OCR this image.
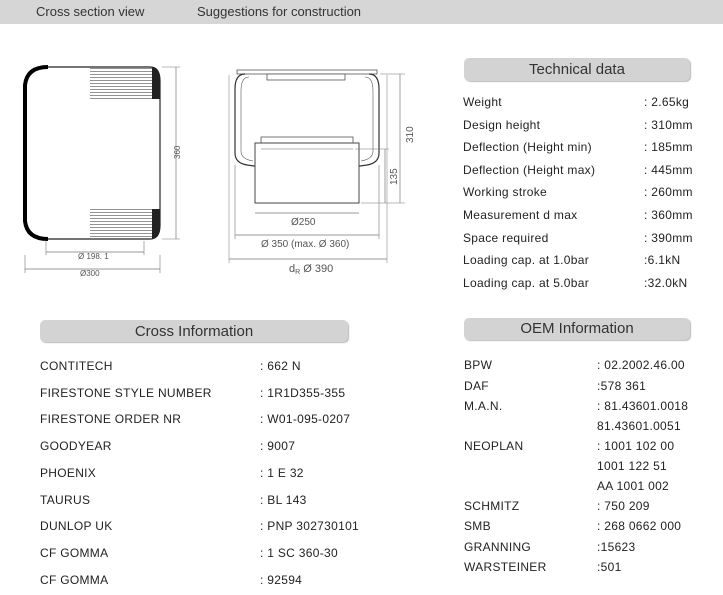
Cross section view	Suggestions for construction
360
Ø 198. 1
Ø300
310
135
Ø250
Ø 350 (max. Ø 360)
dR Ø 390
Technical data
Weight	: 2.65kg
Design height	: 310mm
Deflection (Height min)	: 185mm
Deflection (Height max)	: 445mm
Working stroke	: 260mm
Measurement d max	: 360mm
Space required	: 390mm
Loading cap. at 1.0bar	:6.1kN
Loading cap. at 5.0bar	:32.0kN
Cross Information
CONTITECH	: 662 N
FIRESTONE STYLE NUMBER	: 1R1D355-355
FIRESTONE ORDER NR	: W01-095-0207
GOODYEAR	: 9007
PHOENIX	: 1 E 32
TAURUS	: BL 143
DUNLOP UK	: PNP 302730101
CF GOMMA	: 1 SC 360-30
CF GOMMA	: 92594
OEM Information
BPW	: 02.2002.46.00
DAF	:578 361
M.A.N.	: 81.43601.0018
81.43601.0051
NEOPLAN	: 1001 102 00
1001 122 51
AA 1001 002
SCHMITZ	: 750 209
SMB	: 268 0662 000
GRANNING	:15623
WARSTEINER	:501
